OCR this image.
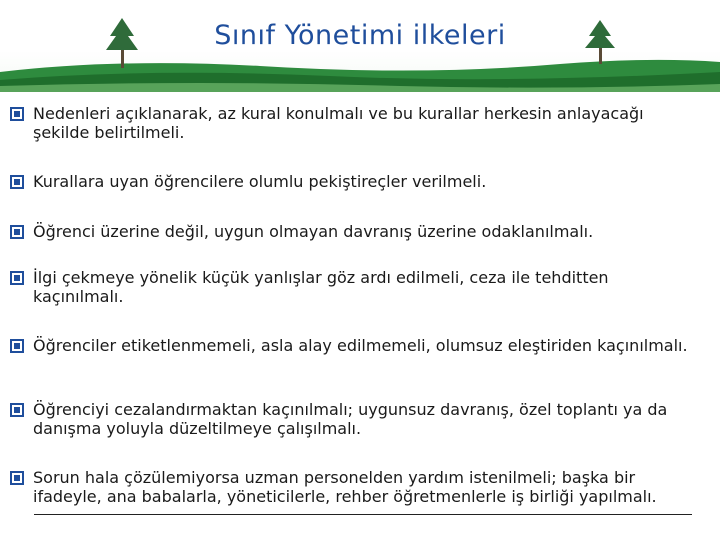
Sınıf Yönetimi ilkeleri
Nedenleri açıklanarak, az kural konulmalı ve bu kurallar herkesin anlayacağı şekilde belirtilmeli.
Kurallara uyan öğrencilere olumlu pekiştireçler verilmeli.
Öğrenci üzerine değil, uygun olmayan davranış üzerine odaklanılmalı.
İlgi çekmeye yönelik küçük yanlışlar göz ardı edilmeli, ceza ile tehditten kaçınılmalı.
Öğrenciler etiketlenmemeli, asla alay edilmemeli, olumsuz eleştiriden kaçınılmalı.
Öğrenciyi cezalandırmaktan kaçınılmalı; uygunsuz davranış, özel toplantı ya da danışma yoluyla düzeltilmeye çalışılmalı.
Sorun hala çözülemiyorsa uzman personelden yardım istenilmeli; başka bir ifadeyle, ana babalarla, yöneticilerle, rehber öğretmenlerle iş birliği yapılmalı.
